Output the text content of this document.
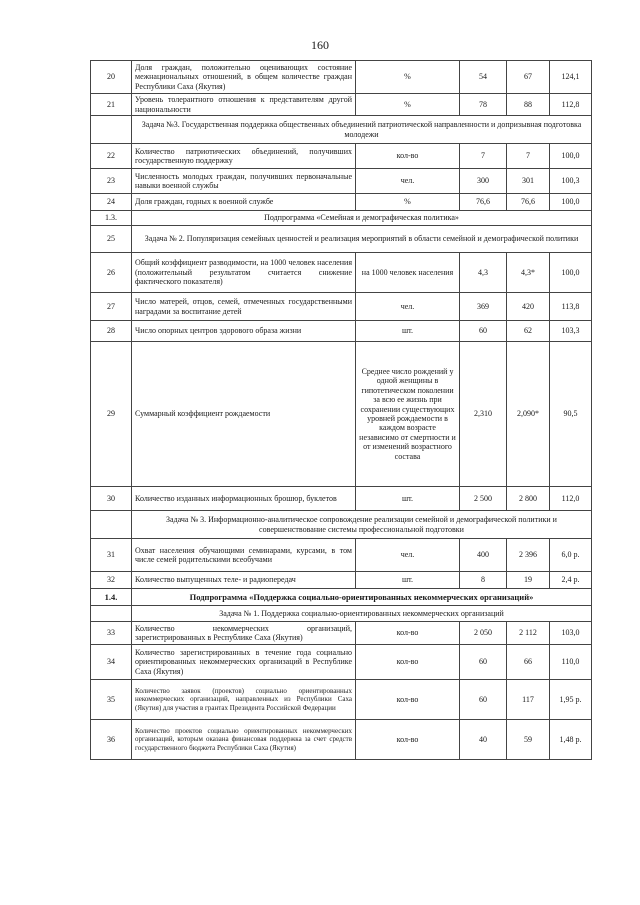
160
20	Доля граждан, положительно оценивающих состояние межнациональных отношений, в общем количестве граждан Республики Саха (Якутия)	%	54	67	124,1
21	Уровень толерантного отношения к представителям другой национальности	%	78	88	112,8
	Задача №3. Государственная поддержка общественных объединений патриотической направленности и допризывная подготовка молодежи				
22	Количество патриотических объединений, получивших государственную поддержку	кол-во	7	7	100,0
23	Численность молодых граждан, получивших первоначальные навыки военной службы	чел.	300	301	100,3
24	Доля граждан, годных к военной службе	%	76,6	76,6	100,0
1.3.	Подпрограмма «Семейная и демографическая политика»				
25	Задача № 2. Популяризация семейных ценностей и реализация мероприятий в области семейной и демографической политики				
26	Общий коэффициент разводимости, на 1000 человек населения (положительный результатом считается снижение фактического показателя)	на 1000 человек населения	4,3	4,3*	100,0
27	Число матерей, отцов, семей, отмеченных государственными наградами за воспитание детей	чел.	369	420	113,8
28	Число опорных центров здорового образа жизни	шт.	60	62	103,3
29	Суммарный коэффициент рождаемости	Среднее число рождений у одной женщины в гипотетическом поколении за всю ее жизнь при сохранении существующих уровней рождаемости в каждом возрасте независимо от смертности и от изменений возрастного состава	2,310	2,090*	90,5
30	Количество изданных информационных брошюр, буклетов	шт.	2 500	2 800	112,0
	Задача № 3. Информационно-аналитическое сопровождение реализации семейной и демографической политики и совершенствование системы профессиональной подготовки				
31	Охват населения обучающими семинарами, курсами, в том числе семей родительскими всеобучами	чел.	400	2 396	6,0 р.
32	Количество выпущенных теле- и радиопередач	шт.	8	19	2,4 р.
1.4.	Подпрограмма «Поддержка социально-ориентированных некоммерческих организаций»				
	Задача № 1. Поддержка социально-ориентированных некоммерческих организаций				
33	Количество некоммерческих организаций, зарегистрированных в Республике Саха (Якутия)	кол-во	2 050	2 112	103,0
34	Количество зарегистрированных в течение года социально ориентированных некоммерческих организаций в Республике Саха (Якутия)	кол-во	60	66	110,0
35	Количество заявок (проектов) социально ориентированных некоммерческих организаций, направленных из Республики Саха (Якутия) для участия в грантах Президента Российской Федерации	кол-во	60	117	1,95 р.
36	Количество проектов социально ориентированных некоммерческих организаций, которым оказана финансовая поддержка за счет средств государственного бюджета Республики Саха (Якутия)	кол-во	40	59	1,48 р.
